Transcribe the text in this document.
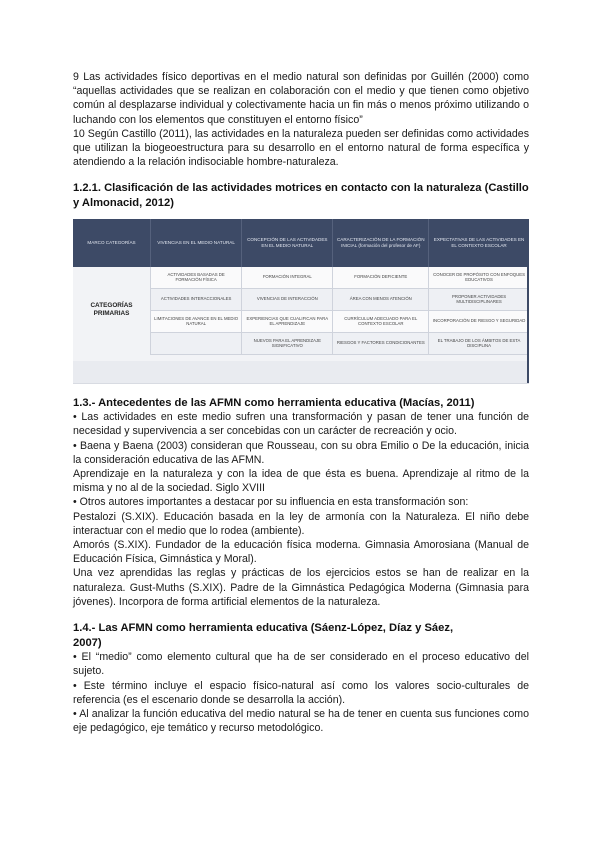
9 Las actividades físico deportivas en el medio natural son definidas por Guillén (2000) como “aquellas actividades que se realizan en colaboración con el medio y que tienen como objetivo común al desplazarse individual y colectivamente hacia un fin más o menos próximo utilizando o luchando con los elementos que constituyen el entorno físico”

10 Según Castillo (2011), las actividades en la naturaleza pueden ser definidas como actividades que utilizan la biogeoestructura para su desarrollo en el entorno natural de forma específica y atendiendo a la relación indisociable hombre-naturaleza.

1.2.1. Clasificación de las actividades motrices en contacto con la naturaleza (Castillo y Almonacid, 2012)
MARCO CATEGORÍAS	VIVENCIAS EN EL MEDIO NATURAL	CONCEPCIÓN DE LAS ACTIVIDADES EN EL MEDIO NATURAL	CARACTERIZACIÓN DE LA FORMACIÓN INICIAL (formación del profesor de AF)	EXPECTATIVAS DE LAS ACTIVIDADES EN EL CONTEXTO ESCOLAR
CATEGORÍAS PRIMARIAS	ACTIVIDADES BASADAS DE FORMACIÓN FÍSICA	FORMACIÓN INTEGRAL	FORMACIÓN DEFICIENTE	CONOCER DE PROPÓSITO CON ENFOQUES EDUCATIVOS
	ACTIVIDADES INTERACCIONALES	VIVENCIAS DE INTERACCIÓN	ÁREA CON MENOS ATENCIÓN	PROPONER ACTIVIDADES MULTIDISCIPLINARES
	LIMITACIONES DE AVANCE EN EL MEDIO NATURAL	EXPERIENCIAS QUE CUALIFICAN PARA EL APRENDIZAJE	CURRÍCULUM ADECUADO PARA EL CONTEXTO ESCOLAR	INCORPORACIÓN DE RIESGO Y SEGURIDAD
		NUEVOS PARA EL APRENDIZAJE SIGNIFICATIVO	RIESGOS Y FACTORES CONDICIONANTES	EL TRABAJO DE LOS ÁMBITOS DE ESTA DISCIPLINA
1.3.- Antecedentes de las AFMN como herramienta educativa (Macías, 2011)

• Las actividades en este medio sufren una transformación y pasan de tener una función de necesidad y supervivencia a ser concebidas con un carácter de recreación y ocio.

• Baena y Baena (2003) consideran que Rousseau, con su obra Emilio o De la educación, inicia la consideración educativa de las AFMN.

Aprendizaje en la naturaleza y con la idea de que ésta es buena. Aprendizaje al ritmo de la misma y no al de la sociedad. Siglo XVIII

• Otros autores importantes a destacar por su influencia en esta transformación son:

Pestalozi (S.XIX). Educación basada en la ley de armonía con la Naturaleza. El niño debe interactuar con el medio que lo rodea (ambiente).

Amorós (S.XIX). Fundador de la educación física moderna. Gimnasia Amorosiana (Manual de Educación Física, Gimnástica y Moral).

Una vez aprendidas las reglas y prácticas de los ejercicios estos se han de realizar en la naturaleza. Gust-Muths (S.XIX). Padre de la Gimnástica Pedagógica Moderna (Gimnasia para jóvenes). Incorpora de forma artificial elementos de la naturaleza.

1.4.- Las AFMN como herramienta educativa (Sáenz-López, Díaz y Sáez, 2007)

• El “medio” como elemento cultural que ha de ser considerado en el proceso educativo del sujeto.

• Este término incluye el espacio físico-natural así como los valores socio-culturales de referencia (es el escenario donde se desarrolla la acción).

• Al analizar la función educativa del medio natural se ha de tener en cuenta sus funciones como eje pedagógico, eje temático y recurso metodológico.
